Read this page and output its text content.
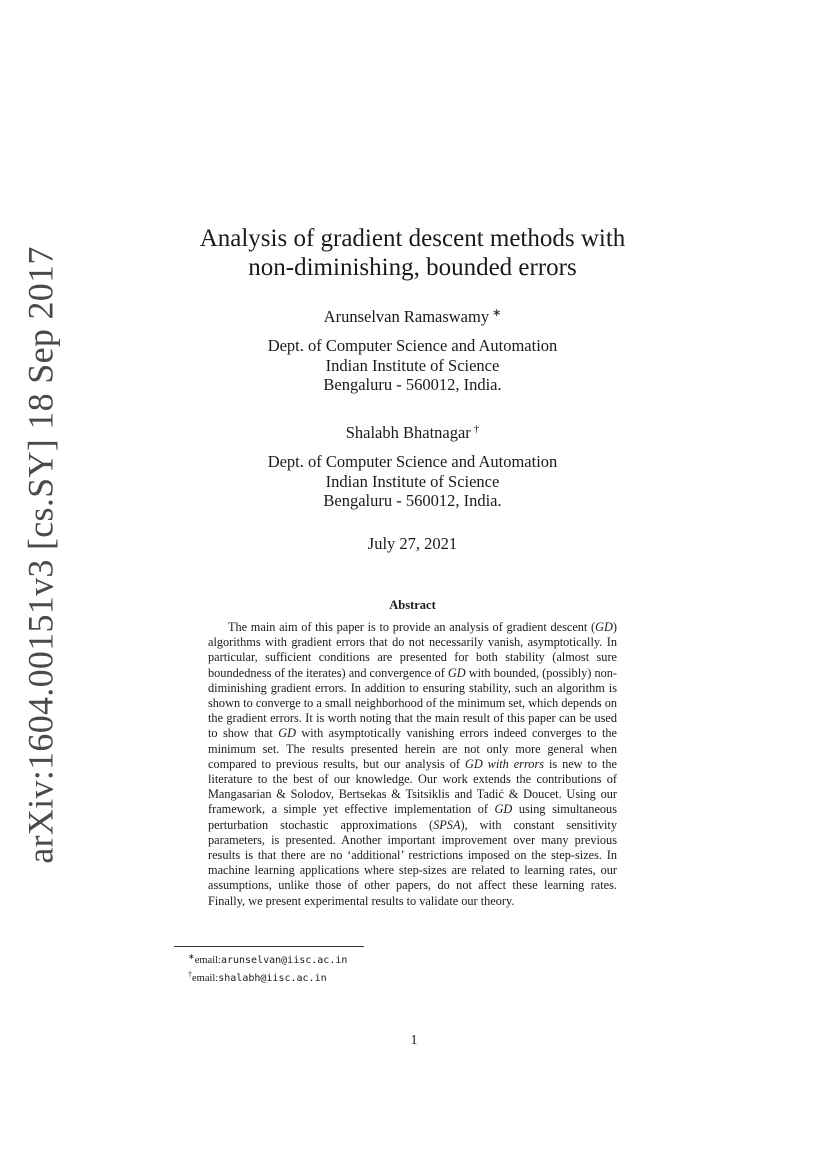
arXiv:1604.00151v3 [cs.SY] 18 Sep 2017
Analysis of gradient descent methods with
non-diminishing, bounded errors
Arunselvan Ramaswamy ∗
Dept. of Computer Science and Automation
Indian Institute of Science
Bengaluru - 560012, India.
Shalabh Bhatnagar †
Dept. of Computer Science and Automation
Indian Institute of Science
Bengaluru - 560012, India.
July 27, 2021
Abstract

The main aim of this paper is to provide an analysis of gradient descent (GD) algorithms with gradient errors that do not necessarily vanish, asymptotically. In particular, sufficient conditions are presented for both stability (almost sure boundedness of the iterates) and convergence of GD with bounded, (possibly) non-diminishing gradient errors. In addition to ensuring stability, such an algorithm is shown to converge to a small neighborhood of the minimum set, which depends on the gradient errors. It is worth noting that the main result of this paper can be used to show that GD with asymptotically vanishing errors indeed converges to the minimum set. The results presented herein are not only more general when compared to previous results, but our analysis of GD with errors is new to the literature to the best of our knowledge. Our work extends the contributions of Mangasarian & Solodov, Bertsekas & Tsitsiklis and Tadić & Doucet. Using our framework, a simple yet effective implementation of GD using simultaneous perturbation stochastic approximations (SPSA), with constant sensitivity parameters, is presented. Another important improvement over many previous results is that there are no ‘additional’ restrictions imposed on the step-sizes. In machine learning applications where step-sizes are related to learning rates, our assumptions, unlike those of other papers, do not affect these learning rates. Finally, we present experimental results to validate our theory.

∗email:arunselvan@iisc.ac.in
†email:shalabh@iisc.ac.in
1
